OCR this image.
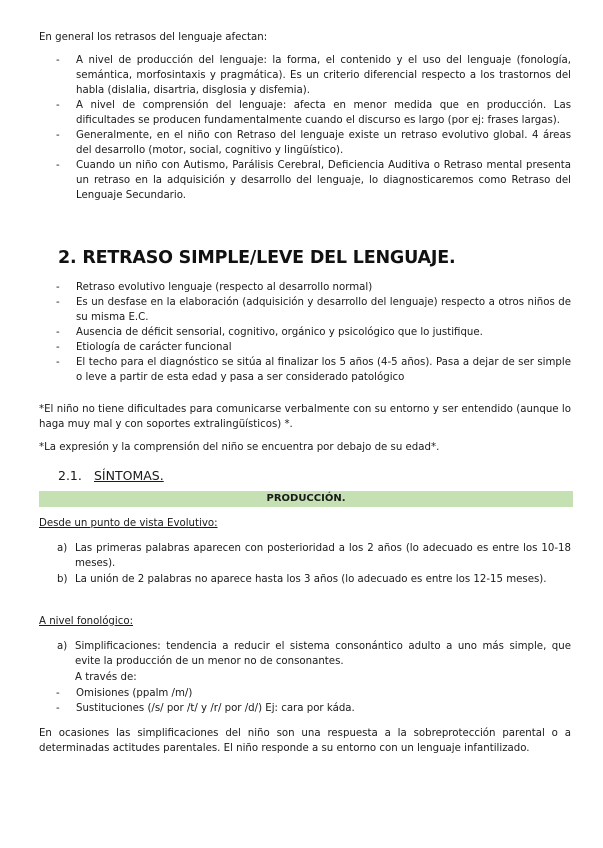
En general los retrasos del lenguaje afectan:

- A nivel de producción del lenguaje: la forma, el contenido y el uso del lenguaje (fonología, semántica, morfosintaxis y pragmática). Es un criterio diferencial respecto a los trastornos del habla (dislalia, disartria, disglosia y disfemia).
- A nivel de comprensión del lenguaje: afecta en menor medida que en producción. Las dificultades se producen fundamentalmente cuando el discurso es largo (por ej: frases largas).
- Generalmente, en el niño con Retraso del lenguaje existe un retraso evolutivo global. 4 áreas del desarrollo (motor, social, cognitivo y lingüístico).
- Cuando un niño con Autismo, Parálisis Cerebral, Deficiencia Auditiva o Retraso mental presenta un retraso en la adquisición y desarrollo del lenguaje, lo diagnosticaremos como Retraso del Lenguaje Secundario.
2. RETRASO SIMPLE/LEVE DEL LENGUAJE.
- Retraso evolutivo lenguaje (respecto al desarrollo normal)
- Es un desfase en la elaboración (adquisición y desarrollo del lenguaje) respecto a otros niños de su misma E.C.
- Ausencia de déficit sensorial, cognitivo, orgánico y psicológico que lo justifique.
- Etiología de carácter funcional
- El techo para el diagnóstico se sitúa al finalizar los 5 años (4-5 años). Pasa a dejar de ser simple o leve a partir de esta edad y pasa a ser considerado patológico

*El niño no tiene dificultades para comunicarse verbalmente con su entorno y ser entendido (aunque lo haga muy mal y con soportes extralingüísticos) *.

*La expresión y la comprensión del niño se encuentra por debajo de su edad*.

2.1. SÍNTOMAS.
PRODUCCIÓN.

Desde un punto de vista Evolutivo:

a) Las primeras palabras aparecen con posterioridad a los 2 años (lo adecuado es entre los 10-18 meses).
b) La unión de 2 palabras no aparece hasta los 3 años (lo adecuado es entre los 12-15 meses).

A nivel fonológico:

a) Simplificaciones: tendencia a reducir el sistema consonántico adulto a uno más simple, que evite la producción de un menor no de consonantes.

A través de:

- Omisiones (ppalm /m/)
- Sustituciones (/s/ por /t/ y /r/ por /d/) Ej: cara por káda.

En ocasiones las simplificaciones del niño son una respuesta a la sobreprotección parental o a determinadas actitudes parentales. El niño responde a su entorno con un lenguaje infantilizado.
